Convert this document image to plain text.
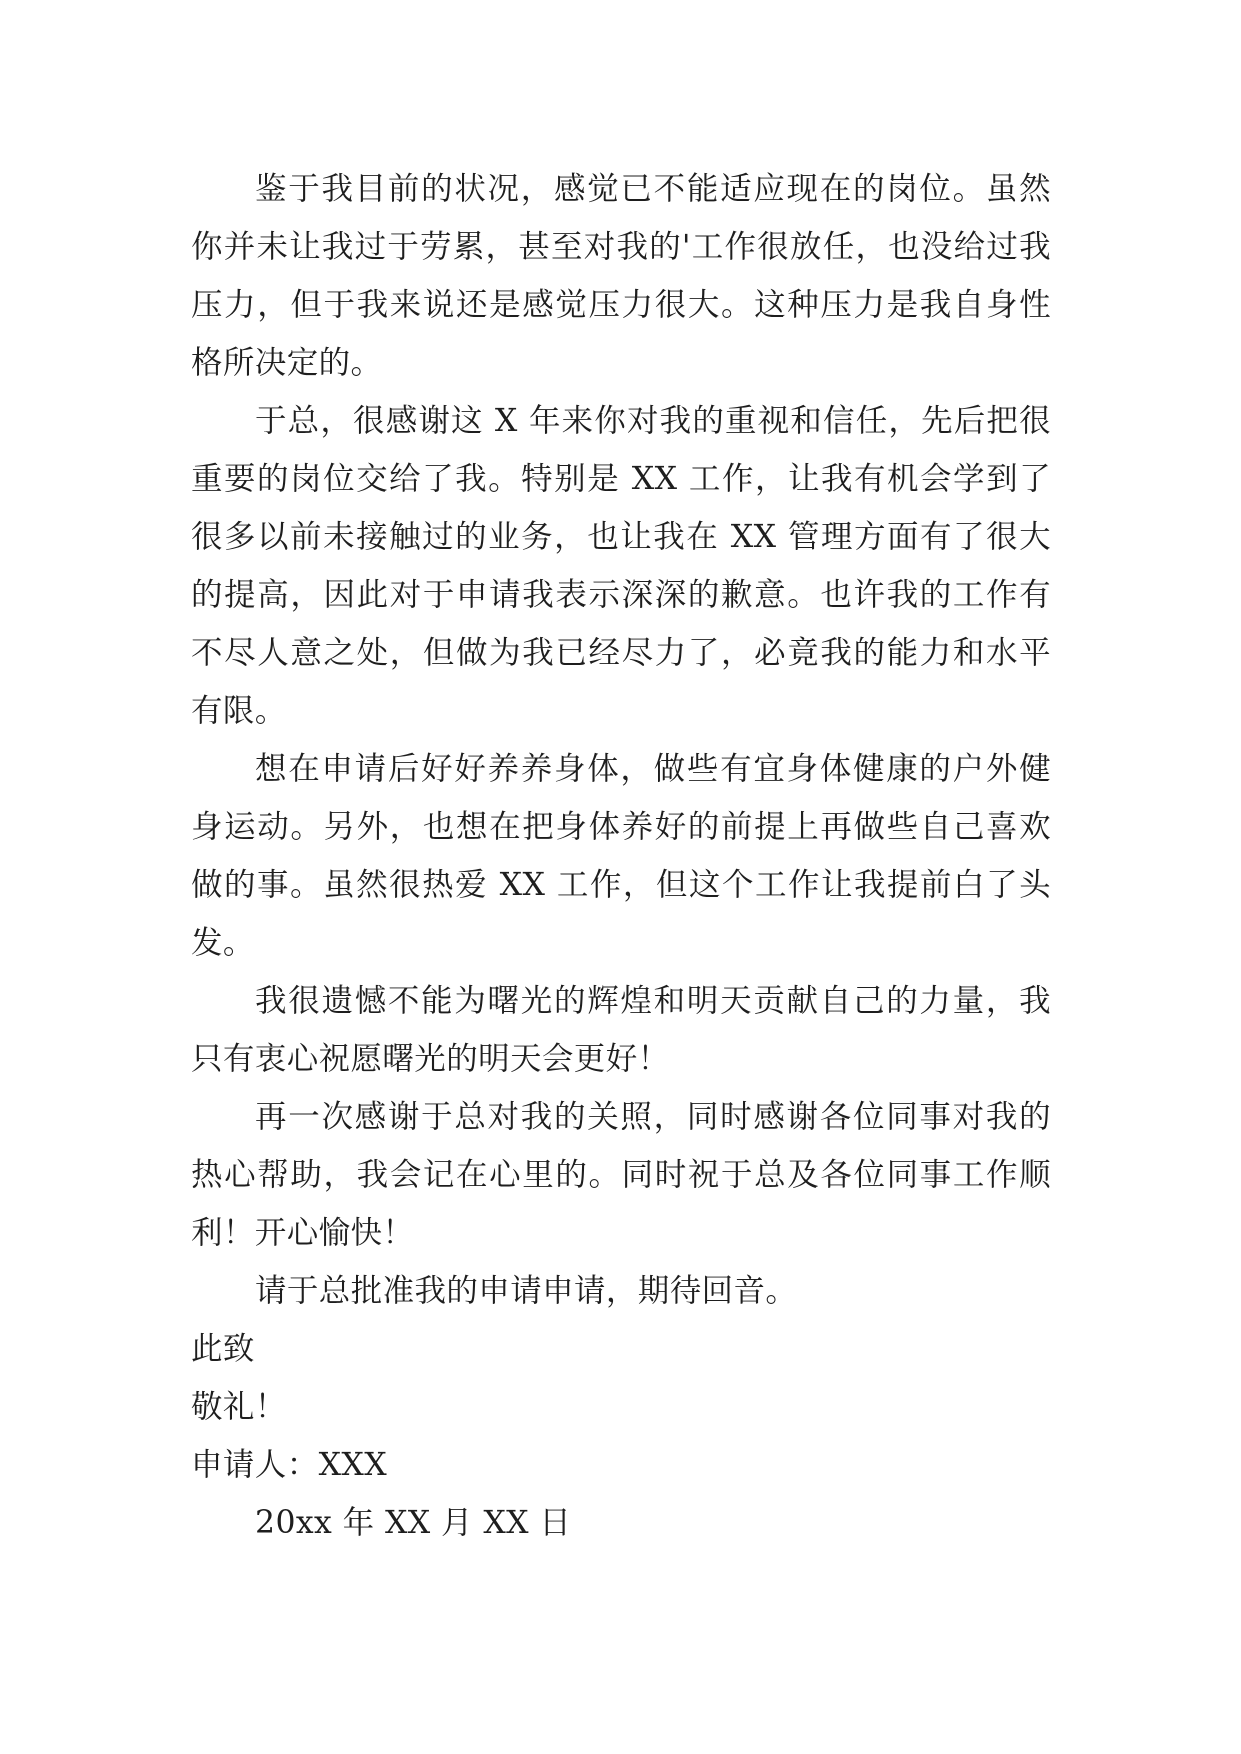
鉴于我目前的状况，感觉已不能适应现在的岗位。虽然你并未让我过于劳累，甚至对我的'工作很放任，也没给过我压力，但于我来说还是感觉压力很大。这种压力是我自身性格所决定的。

于总，很感谢这 X 年来你对我的重视和信任，先后把很重要的岗位交给了我。特别是 XX 工作，让我有机会学到了很多以前未接触过的业务，也让我在 XX 管理方面有了很大的提高，因此对于申请我表示深深的歉意。也许我的工作有不尽人意之处，但做为我已经尽力了，必竟我的能力和水平有限。

想在申请后好好养养身体，做些有宜身体健康的户外健身运动。另外，也想在把身体养好的前提上再做些自己喜欢做的事。虽然很热爱 XX 工作，但这个工作让我提前白了头发。

我很遗憾不能为曙光的辉煌和明天贡献自己的力量，我只有衷心祝愿曙光的明天会更好！

再一次感谢于总对我的关照，同时感谢各位同事对我的热心帮助，我会记在心里的。同时祝于总及各位同事工作顺利！开心愉快！

请于总批准我的申请申请，期待回音。

此致

敬礼！

申请人：XXX

20xx 年 XX 月 XX 日
